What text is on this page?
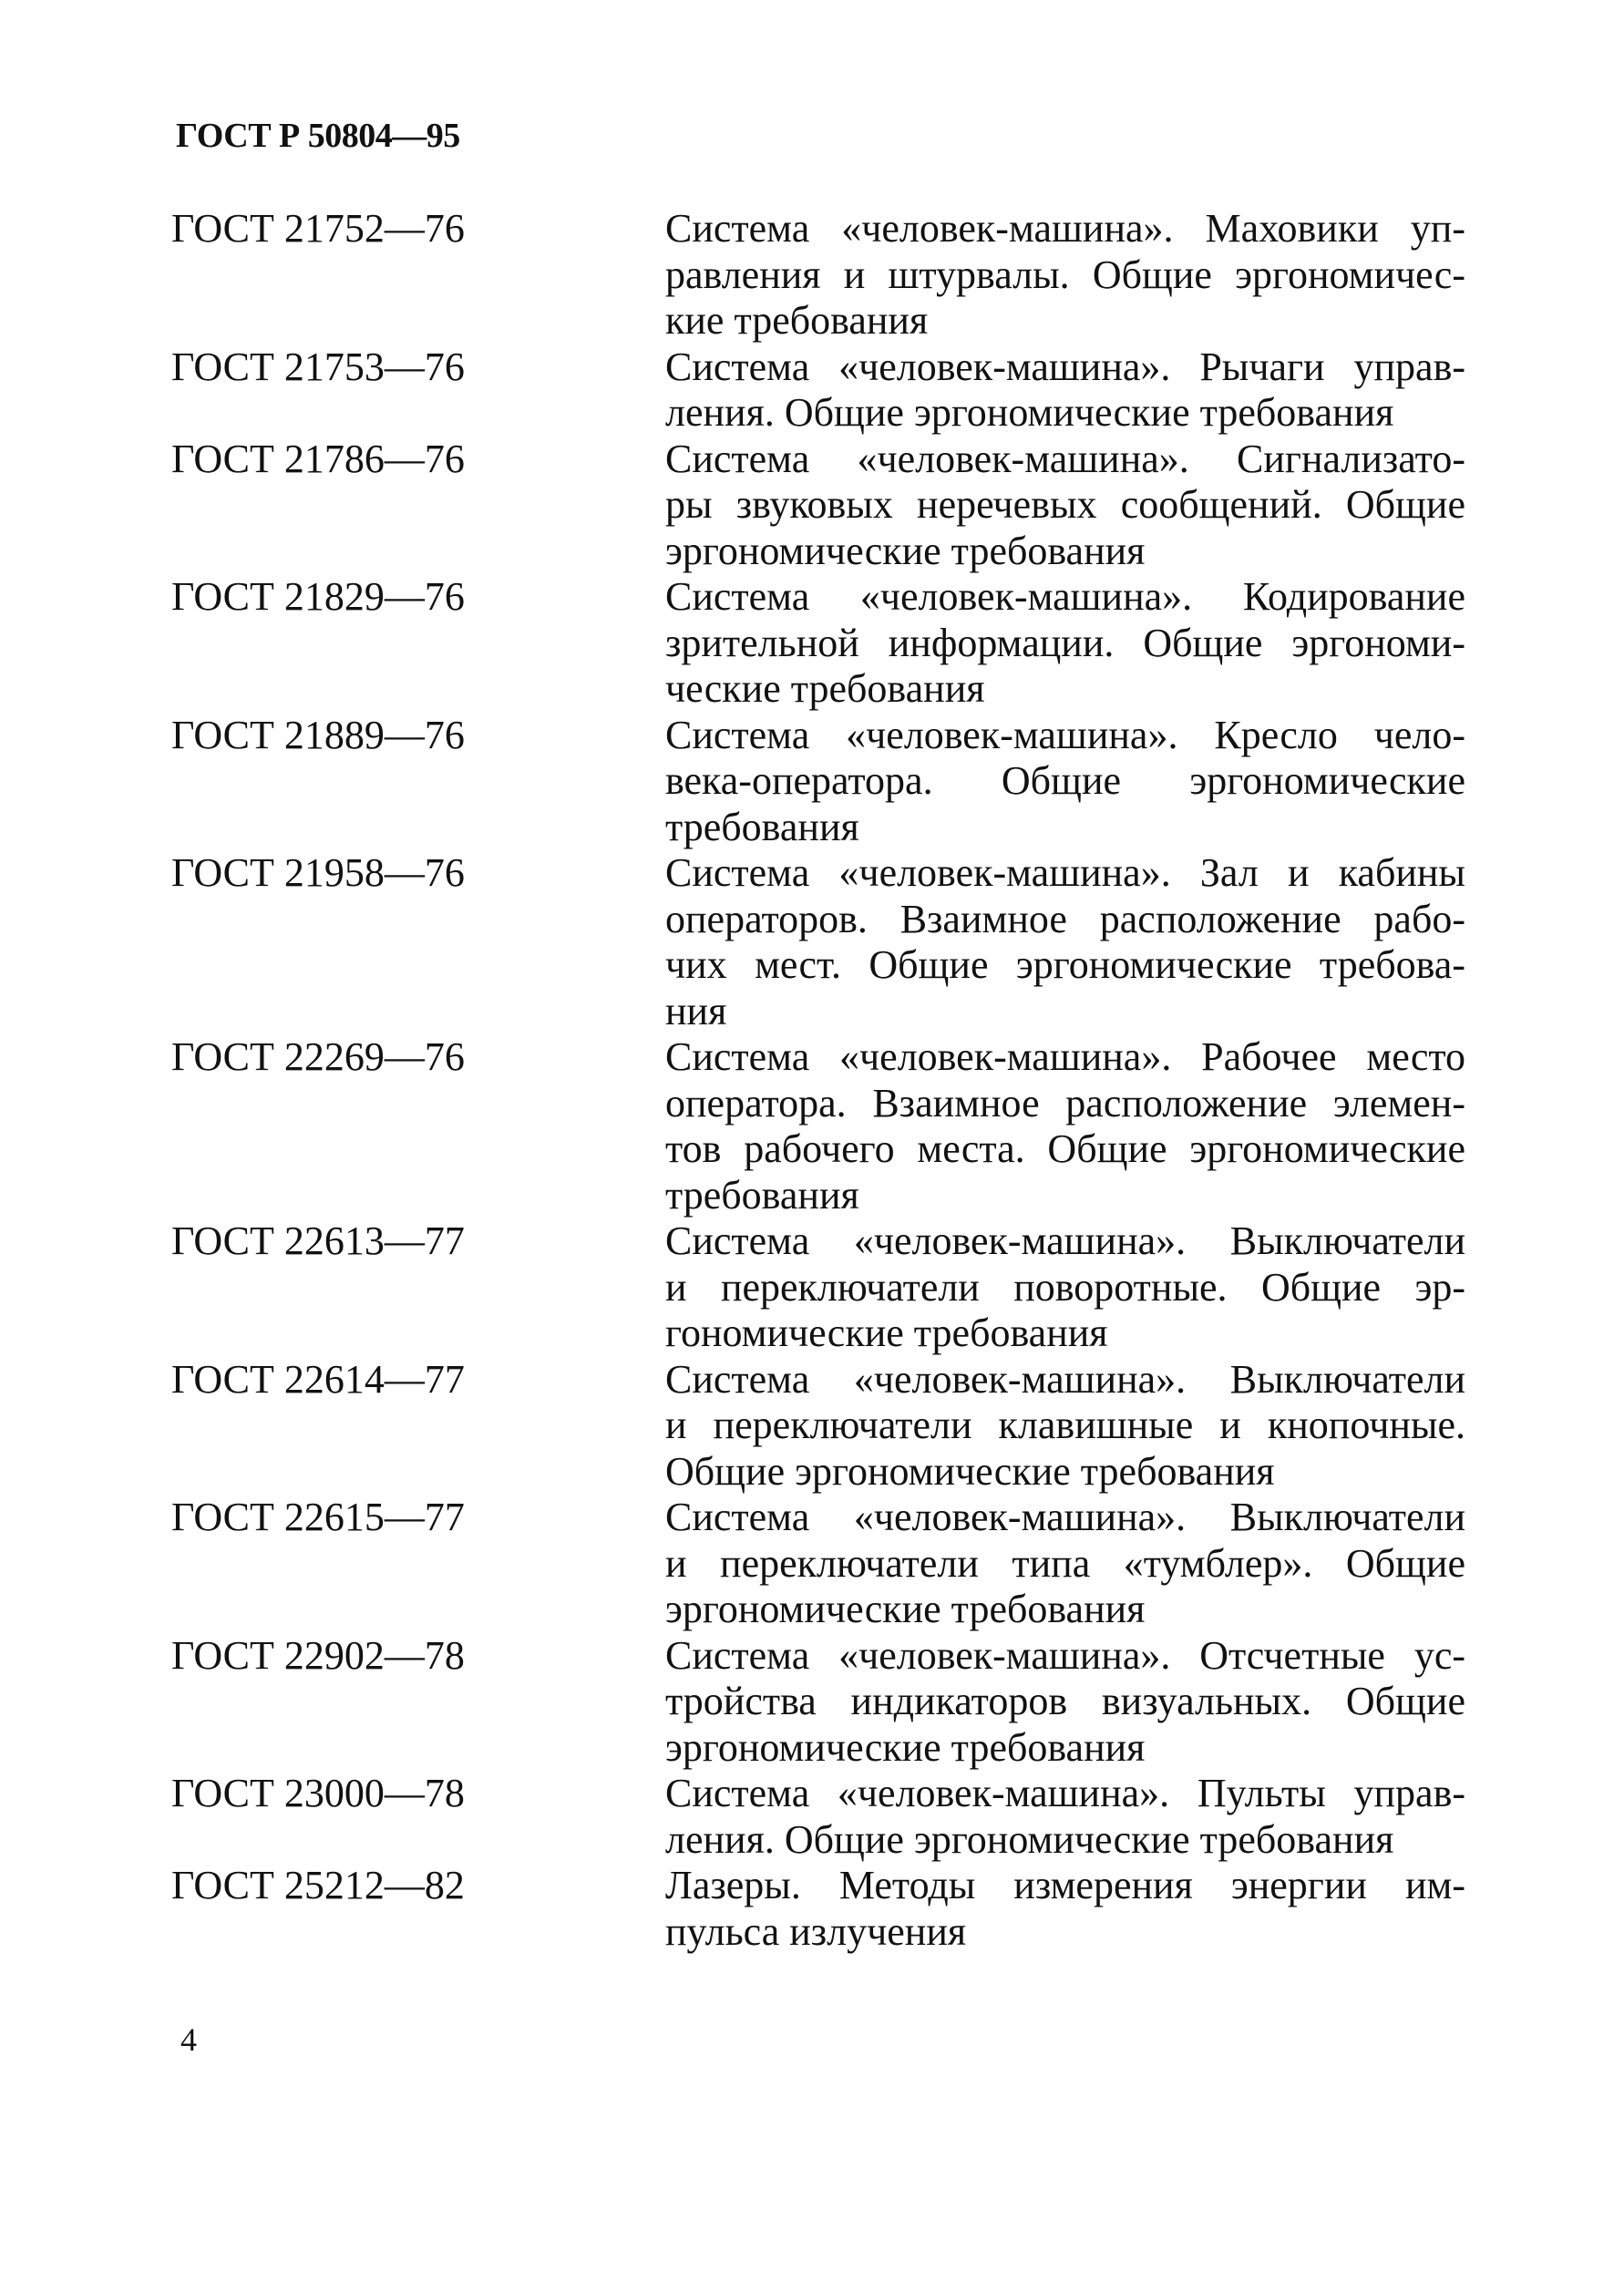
ГОСТ Р 50804—95
ГОСТ 21752—76	Система «человек-машина». Маховики уп-
равления и штурвалы. Общие эргономичес-
кие требования
ГОСТ 21753—76	Система «человек-машина». Рычаги управ-
ления. Общие эргономические требования
ГОСТ 21786—76	Система «человек-машина». Сигнализато-
ры звуковых неречевых сообщений. Общие
эргономические требования
ГОСТ 21829—76	Система «человек-машина». Кодирование
зрительной информации. Общие эргономи-
ческие требования
ГОСТ 21889—76	Система «человек-машина». Кресло чело-
века-оператора. Общие эргономические
требования
ГОСТ 21958—76	Система «человек-машина». Зал и кабины
операторов. Взаимное расположение рабо-
чих мест. Общие эргономические требова-
ния
ГОСТ 22269—76	Система «человек-машина». Рабочее место
оператора. Взаимное расположение элемен-
тов рабочего места. Общие эргономические
требования
ГОСТ 22613—77	Система «человек-машина». Выключатели
и переключатели поворотные. Общие эр-
гономические требования
ГОСТ 22614—77	Система «человек-машина». Выключатели
и переключатели клавишные и кнопочные.
Общие эргономические требования
ГОСТ 22615—77	Система «человек-машина». Выключатели
и переключатели типа «тумблер». Общие
эргономические требования
ГОСТ 22902—78	Система «человек-машина». Отсчетные ус-
тройства индикаторов визуальных. Общие
эргономические требования
ГОСТ 23000—78	Система «человек-машина». Пульты управ-
ления. Общие эргономические требования
ГОСТ 25212—82	Лазеры. Методы измерения энергии им-
пульса излучения
4
